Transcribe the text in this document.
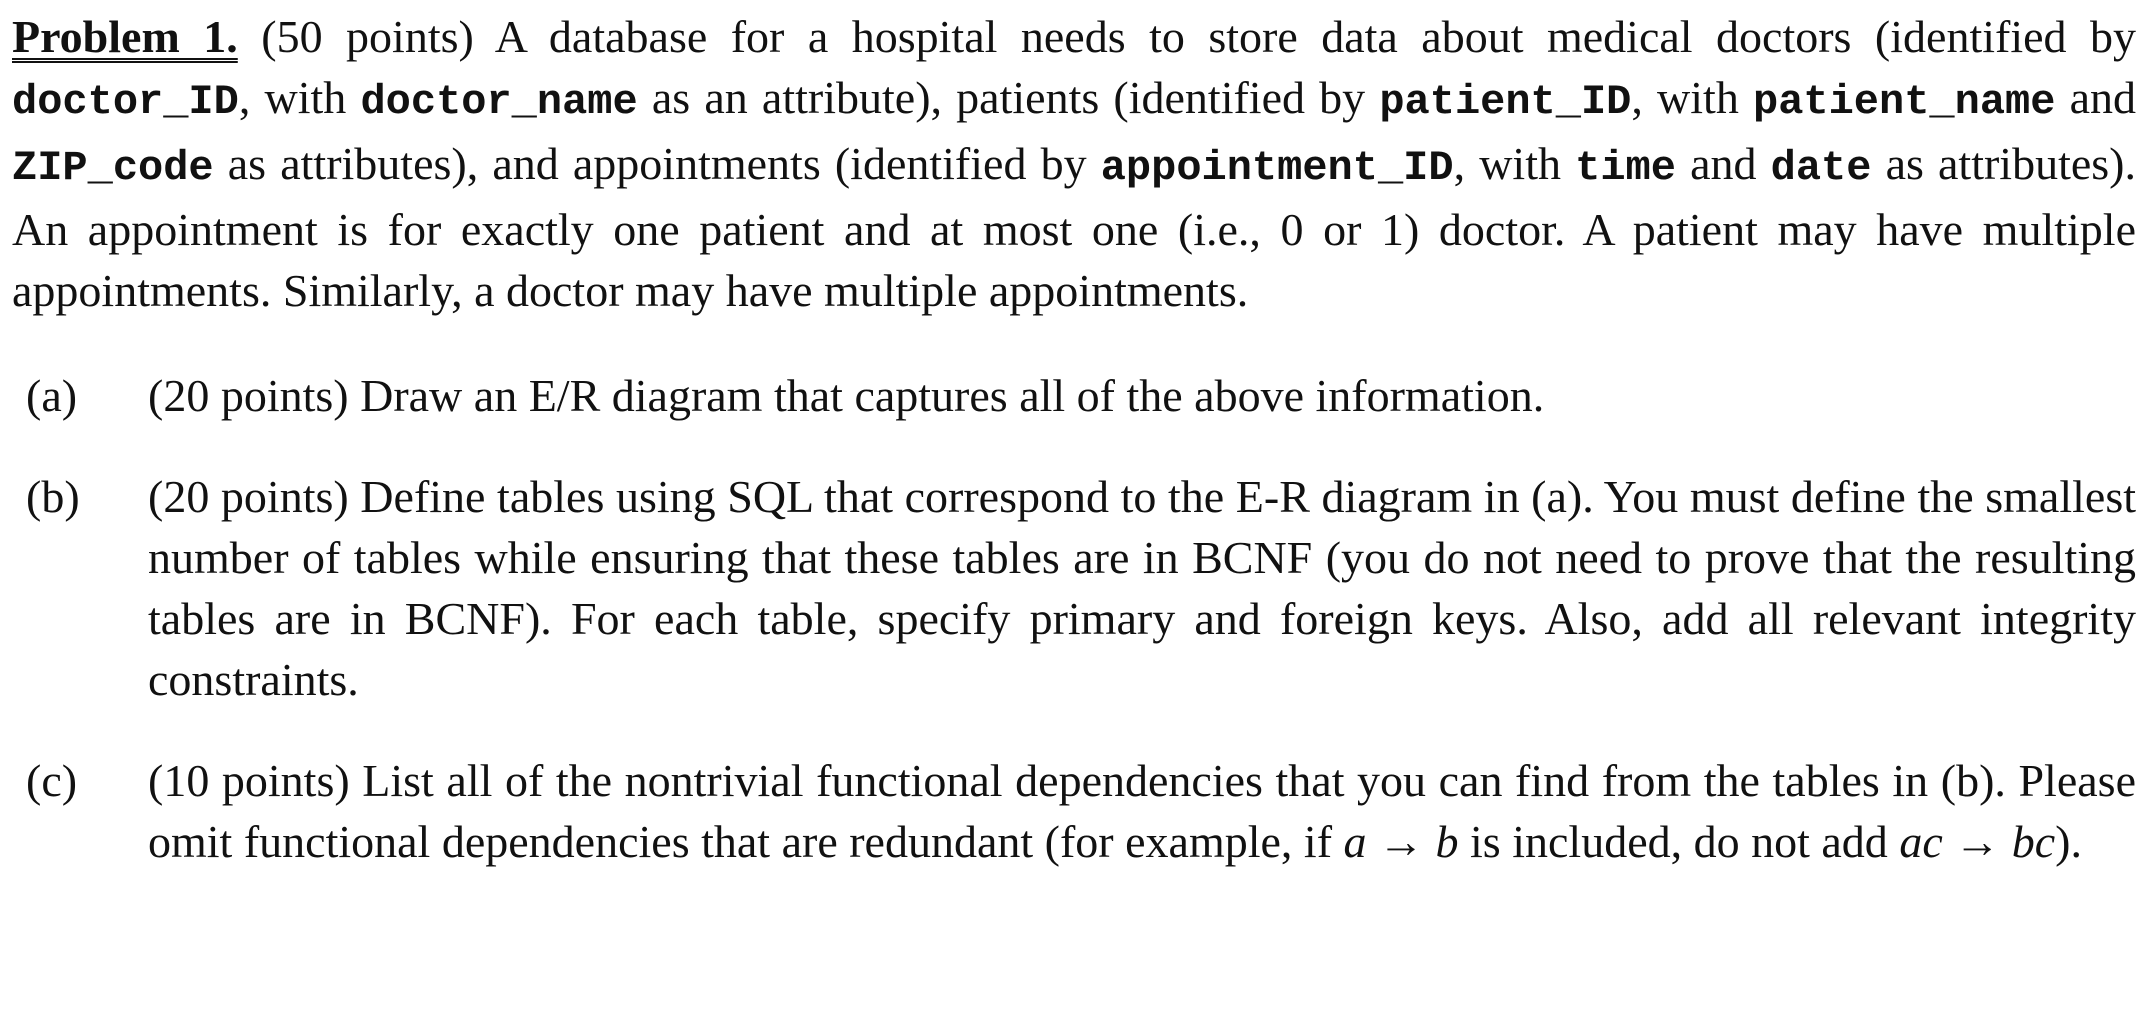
Problem 1. (50 points) A database for a hospital needs to store data about medical doctors (identified by doctor_ID, with doctor_name as an attribute), patients (identified by patient_ID, with patient_name and ZIP_code as attributes), and appointments (identified by appointment_ID, with time and date as attributes). An appointment is for exactly one patient and at most one (i.e., 0 or 1) doctor. A patient may have multiple appointments. Similarly, a doctor may have multiple appointments.

(a) (20 points) Draw an E/R diagram that captures all of the above information.
(b) (20 points) Define tables using SQL that correspond to the E-R diagram in (a). You must define the smallest number of tables while ensuring that these tables are in BCNF (you do not need to prove that the resulting tables are in BCNF). For each table, specify primary and foreign keys. Also, add all relevant integrity constraints.
(c) (10 points) List all of the nontrivial functional dependencies that you can find from the tables in (b). Please omit functional dependencies that are redundant (for example, if a → b is included, do not add ac → bc).
